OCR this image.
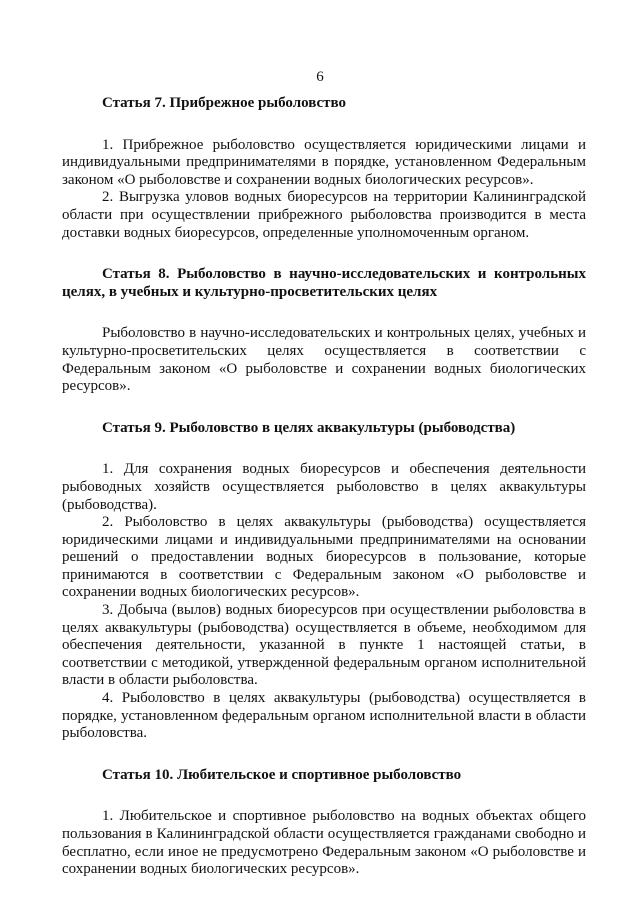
6

Статья 7. Прибрежное рыболовство

1. Прибрежное рыболовство осуществляется юридическими лицами и индивидуальными предпринимателями в порядке, установленном Федеральным законом «О рыболовстве и сохранении водных биологических ресурсов».

2. Выгрузка уловов водных биоресурсов на территории Калининградской области при осуществлении прибрежного рыболовства производится в места доставки водных биоресурсов, определенные уполномоченным органом.

Статья 8. Рыболовство в научно-исследовательских и контрольных целях, в учебных и культурно-просветительских целях

Рыболовство в научно-исследовательских и контрольных целях, учебных и культурно-просветительских целях осуществляется в соответствии с Федеральным законом «О рыболовстве и сохранении водных биологических ресурсов».

Статья 9. Рыболовство в целях аквакультуры (рыбоводства)

1. Для сохранения водных биоресурсов и обеспечения деятельности рыбоводных хозяйств осуществляется рыболовство в целях аквакультуры (рыбоводства).

2. Рыболовство в целях аквакультуры (рыбоводства) осуществляется юридическими лицами и индивидуальными предпринимателями на основании решений о предоставлении водных биоресурсов в пользование, которые принимаются в соответствии с Федеральным законом «О рыболовстве и сохранении водных биологических ресурсов».

3. Добыча (вылов) водных биоресурсов при осуществлении рыболовства в целях аквакультуры (рыбоводства) осуществляется в объеме, необходимом для обеспечения деятельности, указанной в пункте 1 настоящей статьи, в соответствии с методикой, утвержденной федеральным органом исполнительной власти в области рыболовства.

4. Рыболовство в целях аквакультуры (рыбоводства) осуществляется в порядке, установленном федеральным органом исполнительной власти в области рыболовства.

Статья 10. Любительское и спортивное рыболовство

1. Любительское и спортивное рыболовство на водных объектах общего пользования в Калининградской области осуществляется гражданами свободно и бесплатно, если иное не предусмотрено Федеральным законом «О рыболовстве и сохранении водных биологических ресурсов».
